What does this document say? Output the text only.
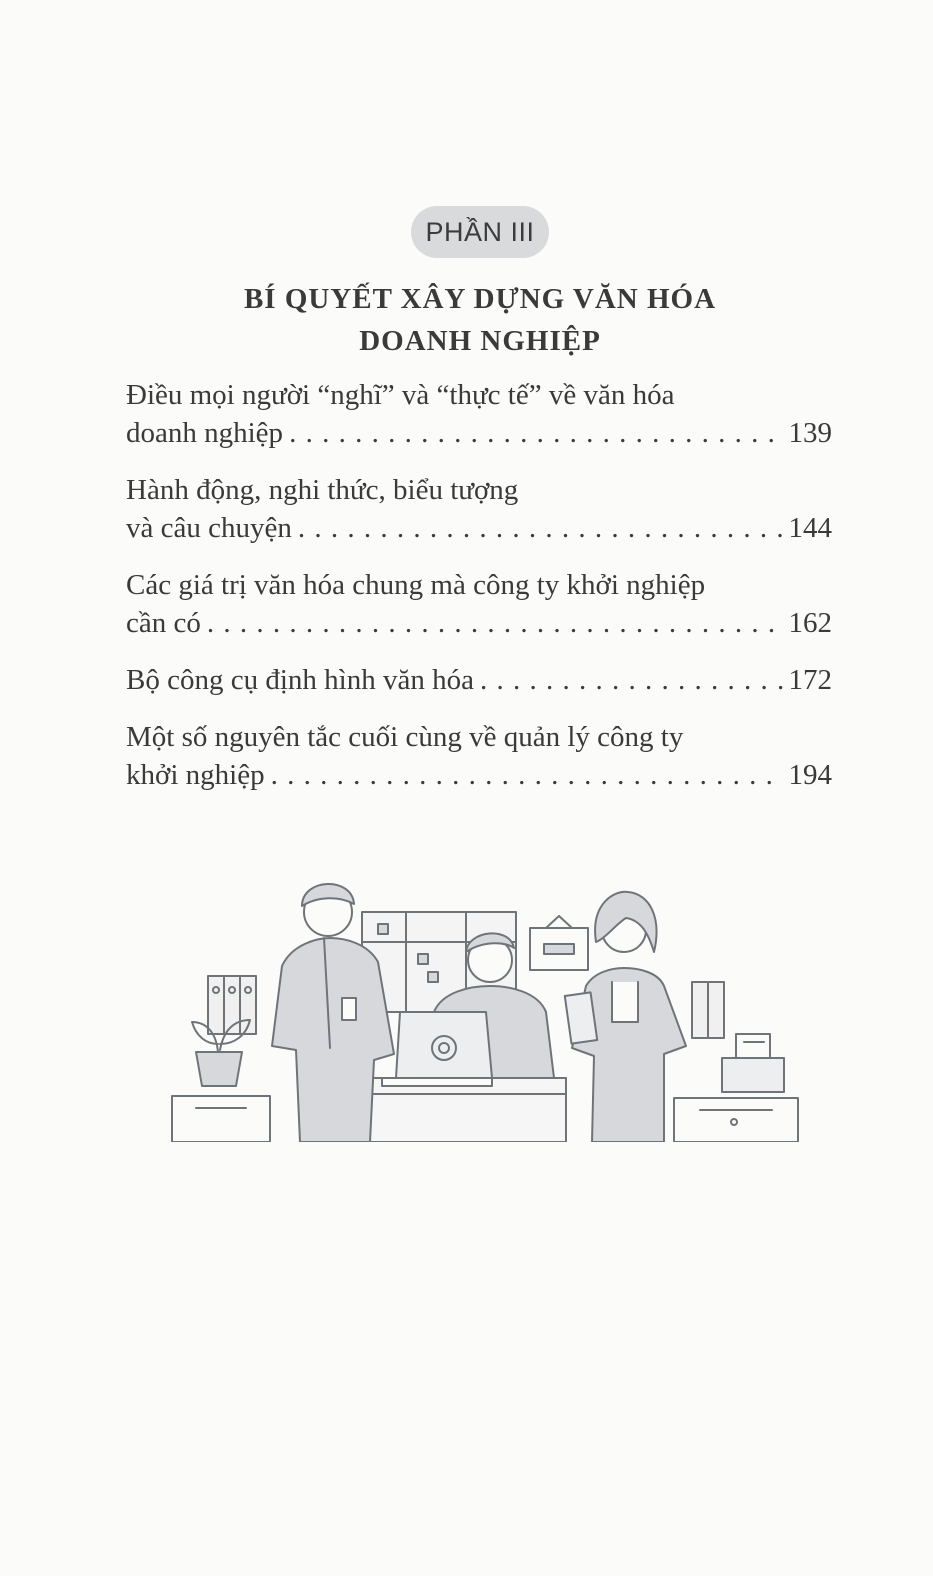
PHẦN III
BÍ QUYẾT XÂY DỰNG VĂN HÓA
DOANH NGHIỆP
Điều mọi người “nghĩ” và “thực tế” về văn hóa
doanh nghiệp . . .	139
Hành động, nghi thức, biểu tượng
và câu chuyện . . .	144
Các giá trị văn hóa chung mà công ty khởi nghiệp
cần có . . .	162
Bộ công cụ định hình văn hóa . . .	172
Một số nguyên tắc cuối cùng về quản lý công ty
khởi nghiệp . . .	194
